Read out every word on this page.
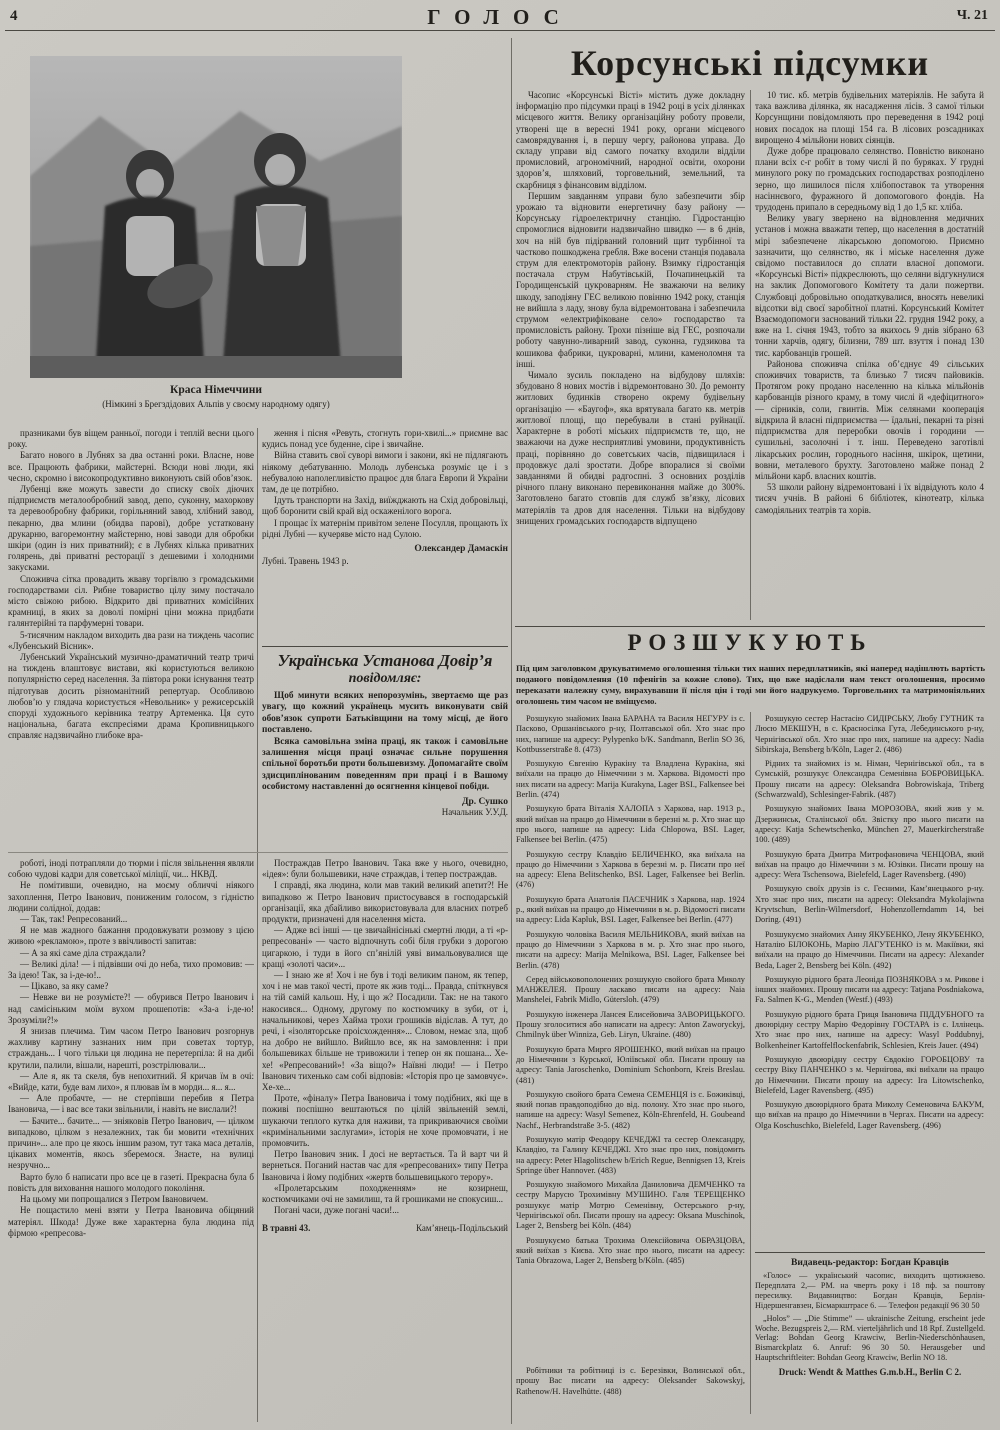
4	ГОЛОС	Ч. 21
Краса Німеччини
(Німкині з Брегздідових Альпів у своєму народному одягу)

празниками був віщем ранньої, погоди і теплій весни цього року.

Багато нового в Лубнях за два останні роки. Власне, нове все. Працюють фабрики, майстерні. Всюди нові люди, які чесно, скромно і високопродуктивно виконують свій обов’язок.

Лубенці вже можуть завести до списку своїх діючих підприємств металообробний завод, депо, суконну, махоркову та деревообробну фабрики, горільняний завод, хлібний завод, пекарню, два млини (обидва парові), добре устатковану друкарню, вагоремонтну майстерню, нові заводи для обробки шкіри (один із них приватний); є в Лубнях кілька приватних голярень, дві приватні ресторації з дешевими і холодними закусками.

Споживча сітка провадить жваву торгівлю з громадськими господарствами сіл. Рибне товариство цілу зиму постачало місто свіжою рибою. Відкрито дві приватних комісійних крамниці, в яких за доволі помірні ціни можна придбати галянтерійні та парфумерні товари.

5-тисячним накладом виходить два рази на тиждень часопис «Лубенський Вісник».

Лубенський Український музично-драматичний театр тричі на тиждень влаштовує вистави, які користуються великою популярністю серед населення. За півтора роки існування театр підготував досить різноманітний репертуар. Особливою любов’ю у глядача користується «Невольник» у режисерській споруді художнього керівника театру Артеменка. Ця суто національна, багата експресіями драма Кропивницького справляє надзвичайно глибоке вра-

ження і пісня «Ревуть, стогнуть гори-хвилі...» приємне вас кудись понад усе буденне, сіре і звичайне.

Війна ставить свої суворі вимоги і закони, які не підлягають ніякому дебатуванню. Молодь лубенська розуміє це і з небувалою наполегливістю працює для блага Европи й України там, де це потрібно.

Ідуть транспорти на Захід, виїжджають на Схід добровільці, щоб боронити свій край від оскаженілого ворога.

І прощає їх матернім привітом зелене Посулля, прощають їх рідні Лубні — кучеряве місто над Сулою.

Олександер Дамаскін
Лубні. Травень 1943 р.
Українська Установа Довір’я
повідомляє:

Щоб минути всяких непорозумінь, звертаємо ще раз увагу, що кожний українець мусить виконувати свій обов’язок супроти Батьківщини на тому місці, де його поставлено.

Всяка самовільна зміна праці, як також і самовільне залишення місця праці означає сильне порушення спільної боротьби проти большевизму. Допомагайте своїм здисциплінованим поведенням при праці і в Вашому особистому наставленні до осягнення кінцевої побіди.

Др. Сушко
Начальник У.У.Д.

роботі, іноді потрапляли до тюрми і після звільнення являли собою чудові кадри для советської міліції, чи... НКВД.

Не помітивши, очевидно, на моєму обличчі ніякого захоплення, Петро Іванович, пониженим голосом, з гідністю людини солідної, додав:

— Так, так! Репресований...

Я не мав жадного бажання продовжувати розмову з цією живою «рекламою», проте з ввічливості запитав:

— А за які саме діла страждали?

— Великі діла! — і підвівши очі до неба, тихо промовив: — За ідею! Так, за і-де-ю!..

— Цікаво, за яку саме?

— Невже ви не розумієте?! — обурився Петро Іванович і над самісіньким моїм вухом прошепотів: «За-а і-де-ю! Зрозуміли?!»

Я знизав плечима. Тим часом Петро Іванович розгорнув жахливу картину зазнаних ним при советах тортур, страждань... І чого тільки ця людина не перетерпіла: й на дибі крутили, палили, вішали, нарешті, розстрілювали...

— Але я, як та скеля, був непохитний. Я кричав їм в очі: «Вийде, кати, буде вам лихо», я плював їм в морди... я... я...

— Але пробачте, — не стерпівши перебив я Петра Івановича, — і вас все таки звільнили, і навіть не вислали?!

— Бачите... бачите... — зніяковів Петро Іванович, — цілком випадково, цілком з незалежних, так би мовити «технічних причин»... але про це якось іншим разом, тут така маса деталів, цікавих моментів, якось зберемося. Знаєте, на вулиці незручно...

Варто було б написати про все це в газеті. Прекрасна була б повість для виховання нашого молодого покоління.

На цьому ми попрощалися з Петром Івановичем.

Не пощастило мені взяти у Петра Івановича обіцяний матеріял. Шкода! Дуже вже характерна була людина під фірмою «репресова-

Постраждав Петро Іванович. Така вже у нього, очевидно, «ідея»: були большевики, наче страждав, і тепер постраждав.

І справді, яка людина, коли мав такий великий апетит?! Не випадково ж Петро Іванович пристосувався в господарській організації, яка дбайливо використовувала для власних потреб продукти, призначені для населення міста.

— Адже всі інші — це звичайнісінькі смертні люди, а ті «р-репресовані» — часто відпочнуть собі біля грубки з дорогою цигаркою, і туди в його сп’янілій уяві вимальовувалися ще кращі «золоті часи»...

— І знаю же я! Хоч і не був і тоді великим паном, як тепер, хоч і не мав такої честі, проте як жив тоді... Правда, спіткнувся на тій самій кальош. Ну, і що ж? Посадили. Так: не на такого накосився... Одному, другому по костюмчику в зуби, от і, начальникові, через Хайма трохи грошиків відіслав. А тут, до речі, і «ізоляторське проісхождення»... Словом, немає зла, щоб на добро не вийшло. Вийшло все, як на замовлення: і при большевиках більше не тривожили і тепер он як пошана... Хе-хе! «Репресований»! «За віщо?» Наївні люди! — і Петро Іванович тихенько сам собі відповів: «Історія про це замовчує». Хе-хе...

Проте, «фіналу» Петра Івановича і тому подібних, які ще в поживі поспішно вештаються по цілій звільненій землі, шукаючи теплого кутка для наживи, та прикриваючися своїми «кримінальними заслугами», історія не хоче промовчати, і не промовчить.

Петро Іванович зник. І досі не вертається. Та й варт чи й вернеться. Поганий настав час для «репресованих» типу Петра Івановича і йому подібних «жертв большевицького терору».

«Пролетарським походженням» не козирнеш, костюмчиками очі не замилиш, та й грошиками не спокусиш...

Погані часи, дуже погані часи!...

В травні 43.	Кам’янець-Подільський
Корсунські підсумки

Часопис «Корсунські Вісті» містить дуже докладну інформацію про підсумки праці в 1942 році в усіх ділянках місцевого життя. Велику організаційну роботу провели, утворені ще в вересні 1941 року, органи місцевого самоврядування і, в першу чергу, районова управа. До складу управи від самого початку входили відділи промисловий, агрономічний, народної освіти, охорони здоров’я, шляховий, торговельний, земельний, та скарбниця з фінансовим відділом.

Першим завданням управи було забезпечити збір урожаю та відновити енергетичну базу району — Корсунську гідроелектричну станцію. Гідростанцію спромоглися відновити надзвичайно швидко — в 6 днів, хоч на ній був підірваний головний щит турбінної та частково пошкоджена гребля. Вже восени станція подавала струм для електромоторів району. Взимку гідростанція постачала струм Набутівській, Почапинецькій та Городищенській цукроварням. Не зважаючи на велику шкоду, заподіяну ГЕС великою повінню 1942 року, станція не вийшла з ладу, знову була відремонтована і забезпечила струмом «електрифіковане село» господарство та промисловість району. Трохи пізніше від ГЕС, розпочали роботу чавунно-ливарний завод, суконна, гудзикова та кошикова фабрики, цукроварні, млини, каменоломня та інші.

Чимало зусиль покладено на відбудову шляхів: збудовано 8 нових мостів і відремонтовано 30. До ремонту житлових будинків створено окрему будівельну організацію — «Баугоф», яка врятувала багато кв. метрів житлової площі, що перебували в стані руйнації. Характерне в роботі міських підприємств те, що, не зважаючи на дуже несприятливі умовини, продуктивність праці, порівняно до советських часів, підвищилася і продовжує далі зростати. Добре впоралися зі своїми завданнями й обидві радгоспні. З основних розділів річного плану виконано перевиконання майже до 300%. Заготовлено багато стовпів для служб зв’язку, лісових матеріялів та дров для населення. Тільки на відбудову знищених громадських господарств відпущено

10 тис. кб. метрів будівельних матеріялів. Не забута й така важлива ділянка, як насадження лісів. З самої тільки Корсунщини повідомляють про переведення в 1942 році нових посадок на площі 154 га. В лісових розсадниках вирощено 4 мільйони нових сіянців.

Дуже добре працювало селянство. Повністю виконано плани всіх с-г робіт в тому числі й по буряках. У грудні минулого року по громадських господарствах розподілено зерно, що лишилося після хлібопоставок та утворення насіннєвого, фуражного й допомогового фондів. На трудодень припало в середньому від 1 до 1,5 кг. хліба.

Велику увагу звернено на відновлення медичних установ і можна вважати тепер, що населення в достатній мірі забезпечене лікарською допомогою. Приємно зазначити, що селянство, як і міське населення дуже свідомо поставилося до сплати власної допомоги. «Корсунські Вісті» підкреслюють, що селяни відгукнулися на заклик Допомогового Комітету та дали пожертви. Службовці добровільно оподаткувалися, вносять невеликі відсотки від своєї заробітної платні. Корсунський Комітет Взаємодопомоги заснований тільки 22. грудня 1942 року, а вже на 1. січня 1943, тобто за якихось 9 днів зібрано 63 тонни харчів, одягу, білизни, 789 шт. взуття і понад 130 тис. карбованців грошей.

Районова споживча спілка об’єднує 49 сільських споживчих товариств, та близько 7 тисяч пайовиків. Протягом року продано населенню на кілька мільйонів карбованців різного краму, в тому числі й «дефіцитного» — сірників, соли, гвинтів. Між селянами кооперація відкрила й власні підприємства — їдальні, пекарні та різні підприємства для переробки овочів і городини — сушильні, засолочні і т. інш. Переведено заготівлі лікарських рослин, городнього насіння, шкірок, щетини, вовни, металевого брухту. Заготовлено майже понад 2 мільйони карб. власних коштів.

53 школи району відремонтовані і їх відвідують коло 4 тисяч учнів. В районі 6 бібліотек, кінотеатр, кілька самодіяльних театрів та хорів.

РОЗШУКУЮТЬ
Під цим заголовком друкуватимемо оголошення тільки тих наших передплатників, які наперед надішлють вартість поданого повідомлення (10 пфенігів за кожне слово). Тих, що вже надіслали нам текст оголошення, просимо переказати належну суму, вирахувавши її після цін і тоді ми його надрукуємо. Торговельних та матримоніяльних оголошень тим часом не вміщуємо.

Розшукую знайомих Івана БАРАНА та Василя НЕГУРУ із с. Пасково, Оршанівського р-ну, Полтавської обл. Хто знає про них, напише на адресу: Pylypenko b/K. Sandmann, Berlin SO 36, Kottbusserstraße 8. (473)

Розшукую Євгенію Куракіну та Владлена Куракіна, які виїхали на працю до Німеччини з м. Харкова. Відомості про них писати на адресу: Marija Kurakyna, Lager BSI., Falkensee bei Berlin. (474)

Розшукую брата Віталія ХАЛОПА з Харкова, нар. 1913 р., який виїхав на працю до Німеччини в березні м. р. Хто знає що про нього, напише на адресу: Lida Chlopowa, BSI. Lager, Falkensee bei Berlin. (475)

Розшукую сестру Клавдію БЕЛИЧЕНКО, яка виїхала на працю до Німеччини з Харкова в березні м. р. Писати про неї на адресу: Elena Belitschenko, BSI. Lager, Falkensee bei Berlin. (476)

Розшукую брата Анатолія ПАСЕЧНИК з Харкова, нар. 1924 р., який виїхав на працю до Німеччини в м. р. Відомості писати на адресу: Lida Kapluk, BSI. Lager, Falkensee bei Berlin. (477)

Розшукую чоловіка Василя МЕЛЬНИКОВА, який виїхав на працю до Німеччини з Харкова в м. р. Хто знає про нього, писати на адресу: Marija Melnikowa, BSI. Lager, Falkensee bei Berlin. (478)

Серед військовополонених розшукую свойого брата Миколу МАНЖЕЛЕЯ. Прошу ласкаво писати на адресу: Naia Manshelei, Fabrik Midlo, Gütersloh. (479)

Розшукую інженера Лансея Елисейовича ЗАВОРИЦЬКОГО. Прошу зголоситися або написати на адресу: Anton Zaworyckyj, Chmilnyk über Winniza, Geb. Liryn, Ukraine. (480)

Розшукую брата Мирго ЯРОШЕНКО, який виїхав на працю до Німеччини з Курської, Юліївської обл. Писати прошу на адресу: Tania Jaroschenko, Dominium Schonborn, Kreis Breslau. (481)

Розшукую свойого брата Семена СЕМЕНЦЯ із с. Божиківці, який попав правдоподібно до від. полону. Хто знає про нього, напише на адресу: Wasyl Semenez, Köln-Ehrenfeld, H. Goubeand Nachf., Herbrandstraße 3-5. (482)

Розшукую матір Феодору КЕЧЕДЖІ та сестер Олександру, Клавдію, та Галину КЕЧЕДЖІ. Хто знає про них, повідомить на адресу: Peter Hlagolitschew b/Erich Regue, Bennigsen 13, Kreis Springe über Hannover. (483)

Розшукую знайомого Михайла Даниловича ДЕМЧЕНКО та сестру Марусю Трохимівну МУШИНО. Галя ТЕРЕЩЕНКО розшукує матір Мотрю Семенівну, Остерського р-ну, Чернігівської обл. Писати прошу на адресу: Oksana Muschinok, Lager 2, Bensberg bei Köln. (484)

Розшукуємо батька Трохима Олексійовича ОБРАЗЦОВА, який виїхав з Києва. Хто знає про нього, писати на адресу: Tania Obrazowa, Lager 2, Bensberg b/Köln. (485)

Робітники та робітниці із с. Березівки, Волинської обл., прошу Вас писати на адресу: Oleksander Sakowskyj, Rathenow/H. Havelhütte. (488)

Розшукую сестер Настасію СИДІРСЬКУ, Любу ГУТНИК та Люсю МЕКШУН, в с. Красносілка Гута, Лебединського р-ну, Чернігівської обл. Хто знає про них, напише на адресу: Nadia Sibirskaja, Bensberg b/Köln, Lager 2. (486)

Рідних та знайомих із м. Німан, Чернігівської обл., та в Сумській, розшукує Олександра Семенівна БОБРОВИЦЬКА. Прошу писати на адресу: Oleksandra Bobrowiskaja, Triberg (Schwarzwald), Schlesinger-Fabrik. (487)

Розшукую знайомих Івана МОРОЗОВА, який жив у м. Дзержинськ, Сталінської обл. Звістку про нього писати на адресу: Katja Schewtschenko, München 27, Mauerkircherstraße 100. (489)

Розшукую брата Дмитра Митрофановича ЧЕНЦОВА, який виїхав на працю до Німеччини з м. Юзівки. Писати прошу на адресу: Wera Tschensowa, Bielefeld, Lager Ravensberg. (490)

Розшукую своїх друзів із с. Гесними, Кам’янецького р-ну. Хто знає про них, писати на адресу: Oleksandra Mykolajiwna Kryvtschun, Berlin-Wilmersdorf, Hohenzollerndamm 14, bei Doring. (491)

Розшукуємо знайомих Анну ЯКУБЕНКО, Лену ЯКУБЕНКО, Наталію БІЛОКОНЬ, Марію ЛАГУТЕНКО із м. Макіївки, які виїхали на працю до Німеччини. Писати на адресу: Alexander Beda, Lager 2, Bensberg bei Köln. (492)

Розшукую рідного брата Леоніда ПОЗНЯКОВА з м. Рикове і інших знайомих. Прошу писати на адресу: Tatjana Posdniakowa, Fa. Salmen K-G., Menden (Westf.) (493)

Розшукую рідного брата Гриця Івановича ПІДДУБНОГО та двоюрідну сестру Марію Федорівну ГОСТАРА із с. Іллінець. Хто знає про них, напише на адресу: Wasyl Poddubnyj, Bolkenheiner Kartoffelflockenfabrik, Schlesien, Kreis Jauer. (494)

Розшукую двоюрідну сестру Євдокію ГОРОБЦОВУ та сестру Віку ПАНЧЕНКО з м. Чернігова, які виїхали на працю до Німеччини. Писати прошу на адресу: Ira Litowtschenko, Bielefeld, Lager Ravensberg. (495)

Розшукую двоюрідного брата Миколу Семеновича БАКУМ, що виїхав на працю до Німеччини в Чергах. Писати на адресу: Olga Koschuschko, Bielefeld, Lager Ravensberg. (496)

Видавець-редактор: Богдан Кравців

«Голос» — український часопис, виходить щотижнево. Передплата 2,— РМ. на чверть року і 18 пф. за поштову пересилку. Видавництво: Богдан Кравців, Берлін-Нідершенгавзен, Бісмаркштрасе 6. — Телефон редакції 96 30 50

„Holos” — „Die Stimme” — ukrainische Zeitung, erscheint jede Woche. Bezugspreis 2,— RM. vierteljährlich und 18 Rpf. Zustellgeld. Verlag: Bohdan Georg Krawciw, Berlin-Niederschönhausen, Bismarckplatz 6. Anruf: 96 30 50. Herausgeber und Hauptschriftleiter: Bohdan Georg Krawciw, Berlin NO 18.

Druck: Wendt & Matthes G.m.b.H., Berlin C 2.
